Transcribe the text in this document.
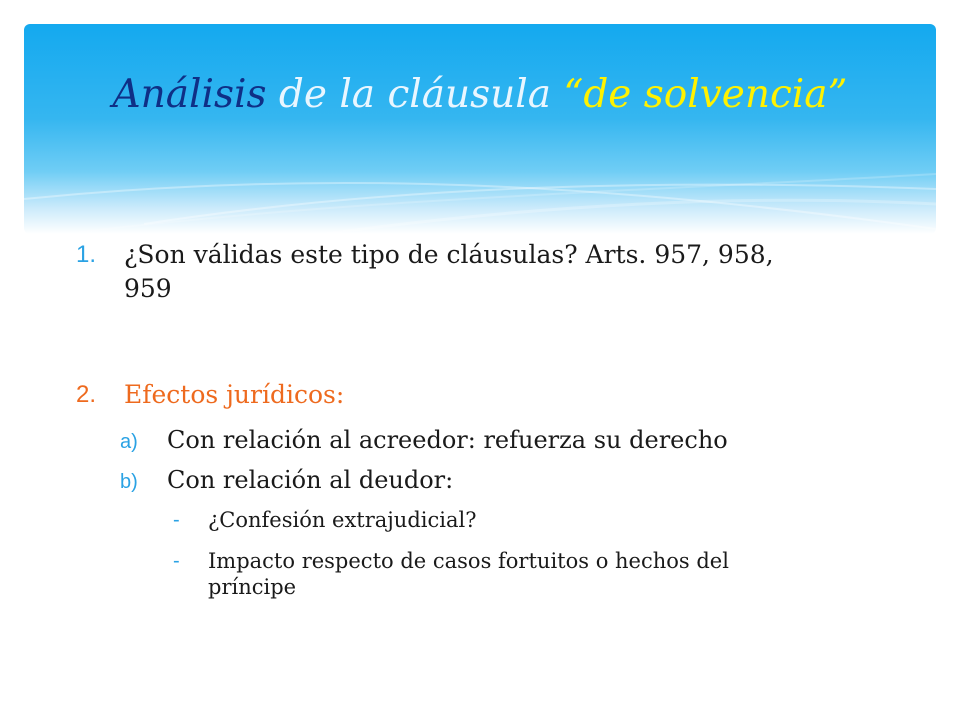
Análisis de la cláusula “de solvencia”
1. ¿Son válidas este tipo de cláusulas? Arts. 957, 958,
959
2. Efectos jurídicos:
a) Con relación al acreedor: refuerza su derecho
b) Con relación al deudor:
- ¿Confesión extrajudicial?
- Impacto respecto de casos fortuitos o hechos del
príncipe
